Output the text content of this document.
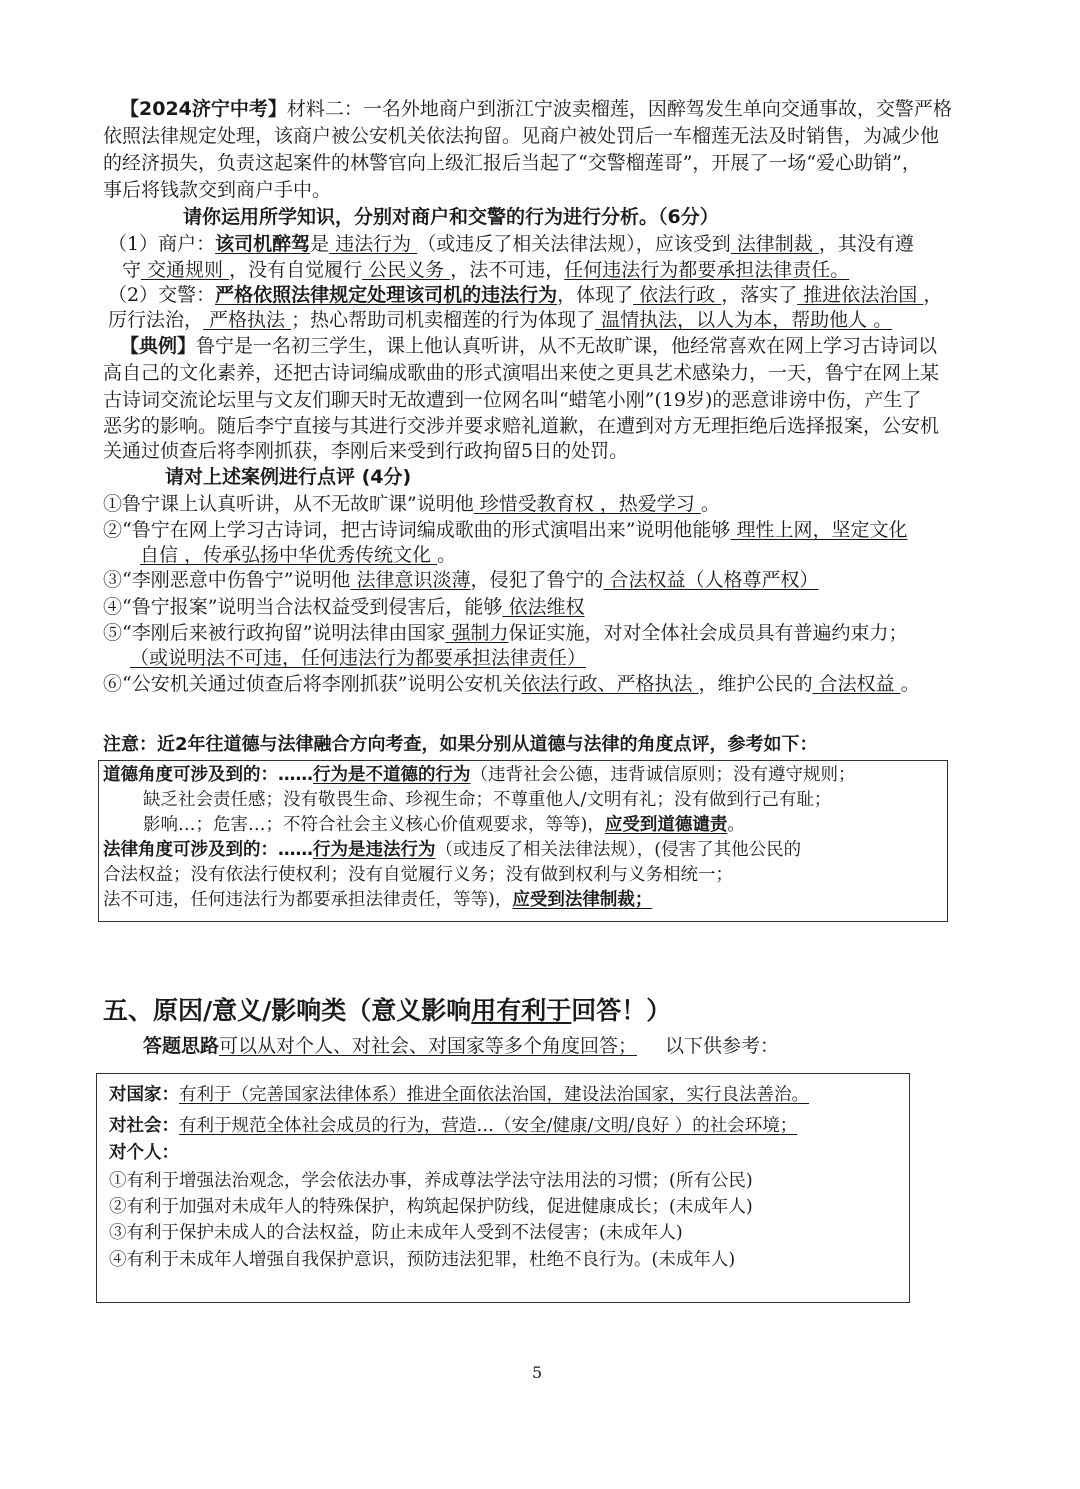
【2024济宁中考】材料二：一名外地商户到浙江宁波卖榴莲，因醉驾发生单向交通事故，交警严格
依照法律规定处理，该商户被公安机关依法拘留。见商户被处罚后一车榴莲无法及时销售，为减少他
的经济损失，负责这起案件的林警官向上级汇报后当起了“交警榴莲哥”，开展了一场“爱心助销”，
事后将钱款交到商户手中。
请你运用所学知识，分别对商户和交警的行为进行分析。（6分）
（1）商户：该司机醉驾是 违法行为 （或违反了相关法律法规），应该受到 法律制裁 ，其没有遵
守 交通规则 ，没有自觉履行 公民义务 ，法不可违，任何违法行为都要承担法律责任。
（2）交警：严格依照法律规定处理该司机的违法行为，体现了 依法行政 ，落实了 推进依法治国 ，
厉行法治， 严格执法 ；热心帮助司机卖榴莲的行为体现了 温情执法，以人为本，帮助他人 。
【典例】鲁宁是一名初三学生，课上他认真听讲，从不无故旷课，他经常喜欢在网上学习古诗词以
高自己的文化素养，还把古诗词编成歌曲的形式演唱出来使之更具艺术感染力，一天，鲁宁在网上某
古诗词交流论坛里与文友们聊天时无故遭到一位网名叫“蜡笔小刚”(19岁)的恶意诽谤中伤，产生了
恶劣的影响。随后李宁直接与其进行交涉并要求赔礼道歉，在遭到对方无理拒绝后选择报案，公安机
关通过侦查后将李刚抓获，李刚后来受到行政拘留5日的处罚。
请对上述案例进行点评 (4分)
①鲁宁课上认真听讲，从不无故旷课”说明他 珍惜受教育权 ，热爱学习 。
②“鲁宁在网上学习古诗词，把古诗词编成歌曲的形式演唱出来”说明他能够 理性上网，坚定文化
自信 ，传承弘扬中华优秀传统文化 。
③“李刚恶意中伤鲁宁”说明他 法律意识淡薄，侵犯了鲁宁的 合法权益（人格尊严权）
④“鲁宁报案”说明当合法权益受到侵害后，能够 依法维权
⑤“李刚后来被行政拘留”说明法律由国家 强制力保证实施，对对全体社会成员具有普遍约束力；
（或说明法不可违，任何违法行为都要承担法律责任）
⑥“公安机关通过侦查后将李刚抓获”说明公安机关依法行政、严格执法 ，维护公民的 合法权益 。
注意：近2年往道德与法律融合方向考查，如果分别从道德与法律的角度点评，参考如下：
道德角度可涉及到的：……行为是不道德的行为（违背社会公德，违背诚信原则；没有遵守规则；
缺乏社会责任感；没有敬畏生命、珍视生命；不尊重他人/文明有礼；没有做到行己有耻；
影响…；危害…；不符合社会主义核心价值观要求，等等)，应受到道德谴责。
法律角度可涉及到的：……行为是违法行为（或违反了相关法律法规），(侵害了其他公民的
合法权益；没有依法行使权利；没有自觉履行义务；没有做到权利与义务相统一；
法不可违，任何违法行为都要承担法律责任，等等)，应受到法律制裁；
五、原因/意义/影响类（意义影响用有利于回答！）
答题思路可以从对个人、对社会、对国家等多个角度回答； 以下供参考：
对国家：有利于（完善国家法律体系）推进全面依法治国，建设法治国家，实行良法善治。
对社会：有利于规范全体社会成员的行为，营造…（安全/健康/文明/良好 ）的社会环境；
对个人：
①有利于增强法治观念，学会依法办事，养成尊法学法守法用法的习惯；(所有公民)
②有利于加强对未成年人的特殊保护，构筑起保护防线，促进健康成长；(未成年人)
③有利于保护未成人的合法权益，防止未成年人受到不法侵害；(未成年人)
④有利于未成年人增强自我保护意识，预防违法犯罪，杜绝不良行为。(未成年人)
5
